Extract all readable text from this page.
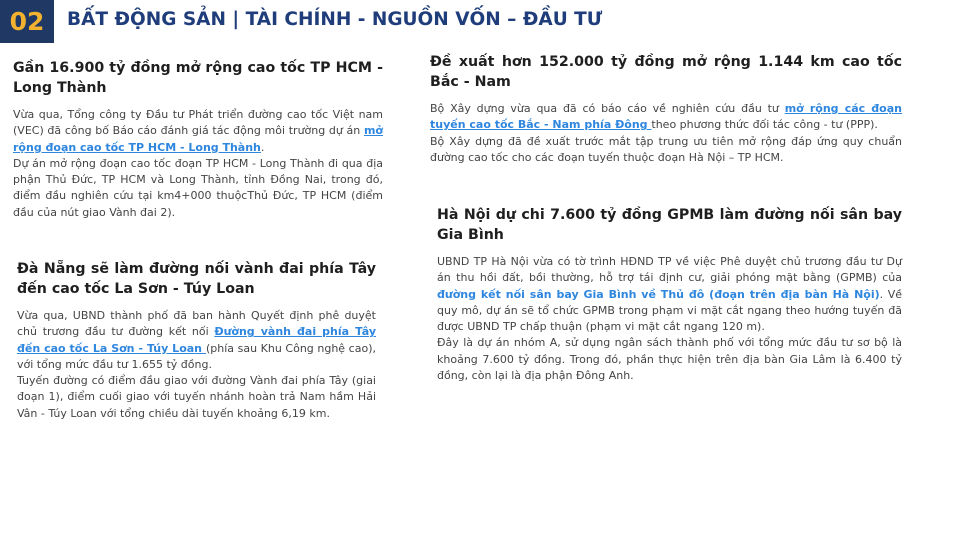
02 BẤT ĐỘNG SẢN | TÀI CHÍNH - NGUỒN VỐN – ĐẦU TƯ
Gần 16.900 tỷ đồng mở rộng cao tốc TP HCM - Long Thành
Vừa qua, Tổng công ty Đầu tư Phát triển đường cao tốc Việt nam (VEC) đã công bố Báo cáo đánh giá tác động môi trường dự án mở rộng đoạn cao tốc TP HCM - Long Thành.
Dự án mở rộng đoạn cao tốc đoạn TP HCM - Long Thành đi qua địa phận Thủ Đức, TP HCM và Long Thành, tỉnh Đồng Nai, trong đó, điểm đầu nghiên cứu tại km4+000 thuộcThủ Đức, TP HCM (điểm đầu của nút giao Vành đai 2).
Đà Nẵng sẽ làm đường nối vành đai phía Tây đến cao tốc La Sơn - Túy Loan
Vừa qua, UBND thành phố đã ban hành Quyết định phê duyệt chủ trương đầu tư đường kết nối Đường vành đai phía Tây đến cao tốc La Sơn - Túy Loan (phía sau Khu Công nghệ cao), với tổng mức đầu tư 1.655 tỷ đồng.
Tuyến đường có điểm đầu giao với đường Vành đai phía Tây (giai đoạn 1), điểm cuối giao với tuyến nhánh hoàn trả Nam hầm Hải Vân - Túy Loan với tổng chiều dài tuyến khoảng 6,19 km.
Đề xuất hơn 152.000 tỷ đồng mở rộng 1.144 km cao tốc Bắc - Nam
Bộ Xây dựng vừa qua đã có báo cáo về nghiên cứu đầu tư mở rộng các đoạn tuyến cao tốc Bắc - Nam phía Đông theo phương thức đối tác công - tư (PPP).
Bộ Xây dựng đã đề xuất trước mắt tập trung ưu tiên mở rộng đáp ứng quy chuẩn đường cao tốc cho các đoạn tuyến thuộc đoạn Hà Nội – TP HCM.
Hà Nội dự chi 7.600 tỷ đồng GPMB làm đường nối sân bay Gia Bình
UBND TP Hà Nội vừa có tờ trình HĐND TP về việc Phê duyệt chủ trương đầu tư Dự án thu hồi đất, bồi thường, hỗ trợ tái định cư, giải phóng mặt bằng (GPMB) của đường kết nối sân bay Gia Bình về Thủ đô (đoạn trên địa bàn Hà Nội). Về quy mô, dự án sẽ tổ chức GPMB trong phạm vi mặt cắt ngang theo hướng tuyến đã được UBND TP chấp thuận (phạm vi mặt cắt ngang 120 m).
Đây là dự án nhóm A, sử dụng ngân sách thành phố với tổng mức đầu tư sơ bộ là khoảng 7.600 tỷ đồng. Trong đó, phần thực hiện trên địa bàn Gia Lâm là 6.400 tỷ đồng, còn lại là địa phận Đông Anh.
